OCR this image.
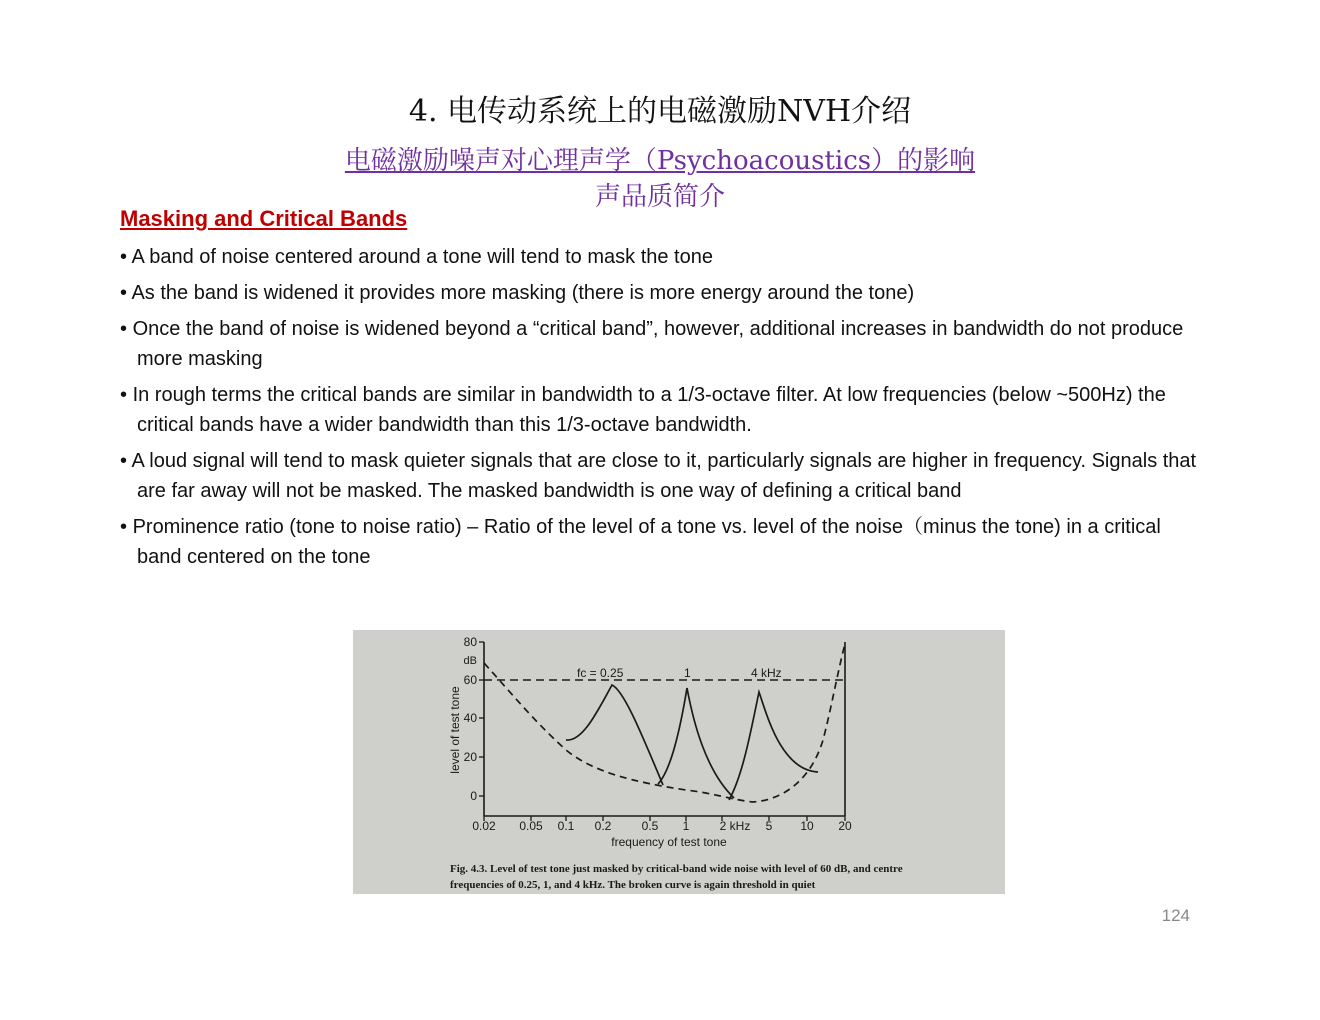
4. 电传动系统上的电磁激励NVH介绍
电磁激励噪声对心理声学（Psychoacoustics）的影响
声品质简介
Masking and Critical Bands
• A band of noise centered around a tone will tend to mask the tone
• As the band is widened it provides more masking (there is more energy around the tone)
• Once the band of noise is widened beyond a “critical band”, however, additional increases in bandwidth do not produce more masking
• In rough terms the critical bands are similar in bandwidth to a 1/3-octave filter. At low frequencies (below ~500Hz) the critical bands have a wider bandwidth than this 1/3-octave bandwidth.
• A loud signal will tend to mask quieter signals that are close to it, particularly signals are higher in frequency. Signals that are far away will not be masked. The masked bandwidth is one way of defining a critical band
• Prominence ratio (tone to noise ratio) – Ratio of the level of a tone vs. level of the noise（minus the tone) in a critical band centered on the tone
80
60
40
20
0
dB
level of test tone
0.02 0.05 0.1 0.2	0.5 1	2 kHz 5 10 20
frequency of test tone
fc = 0.25	1	4 kHz
Fig. 4.3. Level of test tone just masked by critical-band wide noise with level of 60 dB, and centre
frequencies of 0.25, 1, and 4 kHz. The broken curve is again threshold in quiet
124
